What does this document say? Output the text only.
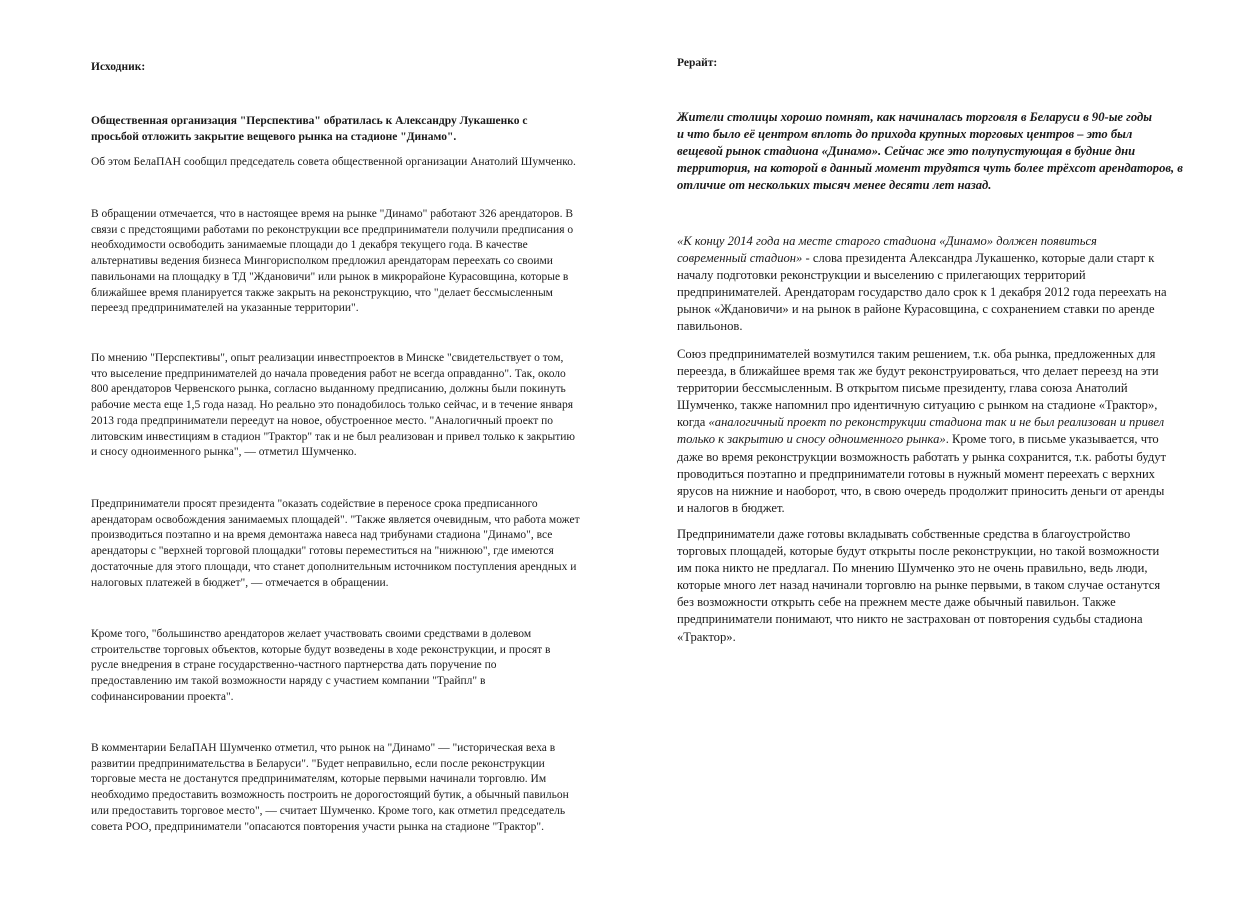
Исходник:

Общественная организация "Перспектива" обратилась к Александру Лукашенко с
просьбой отложить закрытие вещевого рынка на стадионе "Динамо".

Об этом БелаПАН сообщил председатель совета общественной организации Анатолий Шумченко.

В обращении отмечается, что в настоящее время на рынке "Динамо" работают 326 арендаторов. В
связи с предстоящими работами по реконструкции все предприниматели получили предписания о
необходимости освободить занимаемые площади до 1 декабря текущего года. В качестве
альтернативы ведения бизнеса Мингорисполком предложил арендаторам переехать со своими
павильонами на площадку в ТД "Ждановичи" или рынок в микрорайоне Курасовщина, которые в
ближайшее время планируется также закрыть на реконструкцию, что "делает бессмысленным
переезд предпринимателей на указанные территории".

По мнению "Перспективы", опыт реализации инвестпроектов в Минске "свидетельствует о том,
что выселение предпринимателей до начала проведения работ не всегда оправданно". Так, около
800 арендаторов Червенского рынка, согласно выданному предписанию, должны были покинуть
рабочие места еще 1,5 года назад. Но реально это понадобилось только сейчас, и в течение января
2013 года предприниматели переедут на новое, обустроенное место. "Аналогичный проект по
литовским инвестициям в стадион "Трактор" так и не был реализован и привел только к закрытию
и сносу одноименного рынка", — отметил Шумченко.

Предприниматели просят президента "оказать содействие в переносе срока предписанного
арендаторам освобождения занимаемых площадей". "Также является очевидным, что работа может
производиться поэтапно и на время демонтажа навеса над трибунами стадиона "Динамо", все
арендаторы с "верхней торговой площадки" готовы переместиться на "нижнюю", где имеются
достаточные для этого площади, что станет дополнительным источником поступления арендных и
налоговых платежей в бюджет", — отмечается в обращении.

Кроме того, "большинство арендаторов желает участвовать своими средствами в долевом
строительстве торговых объектов, которые будут возведены в ходе реконструкции, и просят в
русле внедрения в стране государственно-частного партнерства дать поручение по
предоставлению им такой возможности наряду с участием компании "Трайпл" в
софинансировании проекта".

В комментарии БелаПАН Шумченко отметил, что рынок на "Динамо" — "историческая веха в
развитии предпринимательства в Беларуси". "Будет неправильно, если после реконструкции
торговые места не достанутся предпринимателям, которые первыми начинали торговлю. Им
необходимо предоставить возможность построить не дорогостоящий бутик, а обычный павильон
или предоставить торговое место", — считает Шумченко. Кроме того, как отметил председатель
совета РОО, предприниматели "опасаются повторения участи рынка на стадионе "Трактор".

Рерайт:

Жители столицы хорошо помнят, как начиналась торговля в Беларуси в 90-ые годы
и что было её центром вплоть до прихода крупных торговых центров – это был
вещевой рынок стадиона «Динамо». Сейчас же это полупустующая в будние дни
территория, на которой в данный момент трудятся чуть более трёхсот арендаторов, в
отличие от нескольких тысяч менее десяти лет назад.

«К концу 2014 года на месте старого стадиона «Динамо» должен появиться
современный стадион» - слова президента Александра Лукашенко, которые дали старт к
началу подготовки реконструкции и выселению с прилегающих территорий
предпринимателей. Арендаторам государство дало срок к 1 декабря 2012 года переехать на
рынок «Ждановичи» и на рынок в районе Курасовщина, с сохранением ставки по аренде
павильонов.

Союз предпринимателей возмутился таким решением, т.к. оба рынка, предложенных для
переезда, в ближайшее время так же будут реконструироваться, что делает переезд на эти
территории бессмысленным. В открытом письме президенту, глава союза Анатолий
Шумченко, также напомнил про идентичную ситуацию с рынком на стадионе «Трактор»,
когда «аналогичный проект по реконструкции стадиона так и не был реализован и привел
только к закрытию и сносу одноименного рынка». Кроме того, в письме указывается, что
даже во время реконструкции возможность работать у рынка сохранится, т.к. работы будут
проводиться поэтапно и предприниматели готовы в нужный момент переехать с верхних
ярусов на нижние и наоборот, что, в свою очередь продолжит приносить деньги от аренды
и налогов в бюджет.

Предприниматели даже готовы вкладывать собственные средства в благоустройство
торговых площадей, которые будут открыты после реконструкции, но такой возможности
им пока никто не предлагал. По мнению Шумченко это не очень правильно, ведь люди,
которые много лет назад начинали торговлю на рынке первыми, в таком случае останутся
без возможности открыть себе на прежнем месте даже обычный павильон. Также
предприниматели понимают, что никто не застрахован от повторения судьбы стадиона
«Трактор».
